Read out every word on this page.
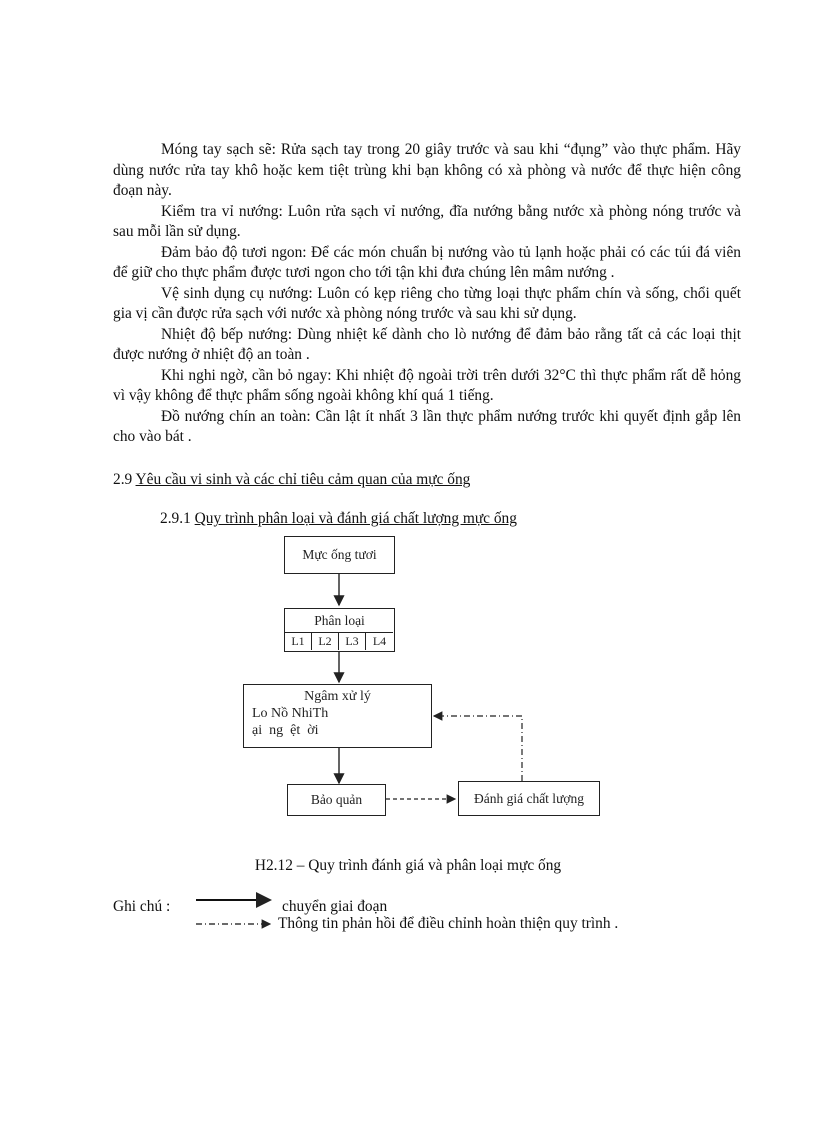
Móng tay sạch sẽ: Rửa sạch tay trong 20 giây trước và sau khi “đụng” vào thực phẩm. Hãy dùng nước rửa tay khô hoặc kem tiệt trùng khi bạn không có xà phòng và nước để thực hiện công đoạn này.

Kiểm tra vỉ nướng: Luôn rửa sạch vỉ nướng, đĩa nướng bằng nước xà phòng nóng trước và sau mỗi lần sử dụng.

Đảm bảo độ tươi ngon: Để các món chuẩn bị nướng vào tủ lạnh hoặc phải có các túi đá viên để giữ cho thực phẩm được tươi ngon cho tới tận khi đưa chúng lên mâm nướng .

Vệ sinh dụng cụ nướng: Luôn có kẹp riêng cho từng loại thực phẩm chín và sống, chổi quết gia vị cần được rửa sạch với nước xà phòng nóng trước và sau khi sử dụng.

Nhiệt độ bếp nướng: Dùng nhiệt kế dành cho lò nướng để đảm bảo rằng tất cả các loại thịt được nướng ở nhiệt độ an toàn .

Khi nghi ngờ, cần bỏ ngay: Khi nhiệt độ ngoài trời trên dưới 32°C thì thực phẩm rất dễ hỏng vì vậy không để thực phẩm sống ngoài không khí quá 1 tiếng.

Đồ nướng chín an toàn: Cần lật ít nhất 3 lần thực phẩm nướng trước khi quyết định gắp lên cho vào bát .

2.9 Yêu cầu vi sinh và các chỉ tiêu cảm quan của mực ống
2.9.1 Quy trình phân loại và đánh giá chất lượng mực ống
Mực ống tươi
Phân loại
L1	L2	L3	L4
Ngâm xử lý
Lo Nồ NhiTh
ại  ng  ệt  ời
Bảo quản	Đánh giá chất lượng
H2.12 – Quy trình đánh giá và phân loại mực ống
Ghi chú :	chuyển giai đoạn
Thông tin phản hồi để điều chỉnh hoàn thiện quy trình .
